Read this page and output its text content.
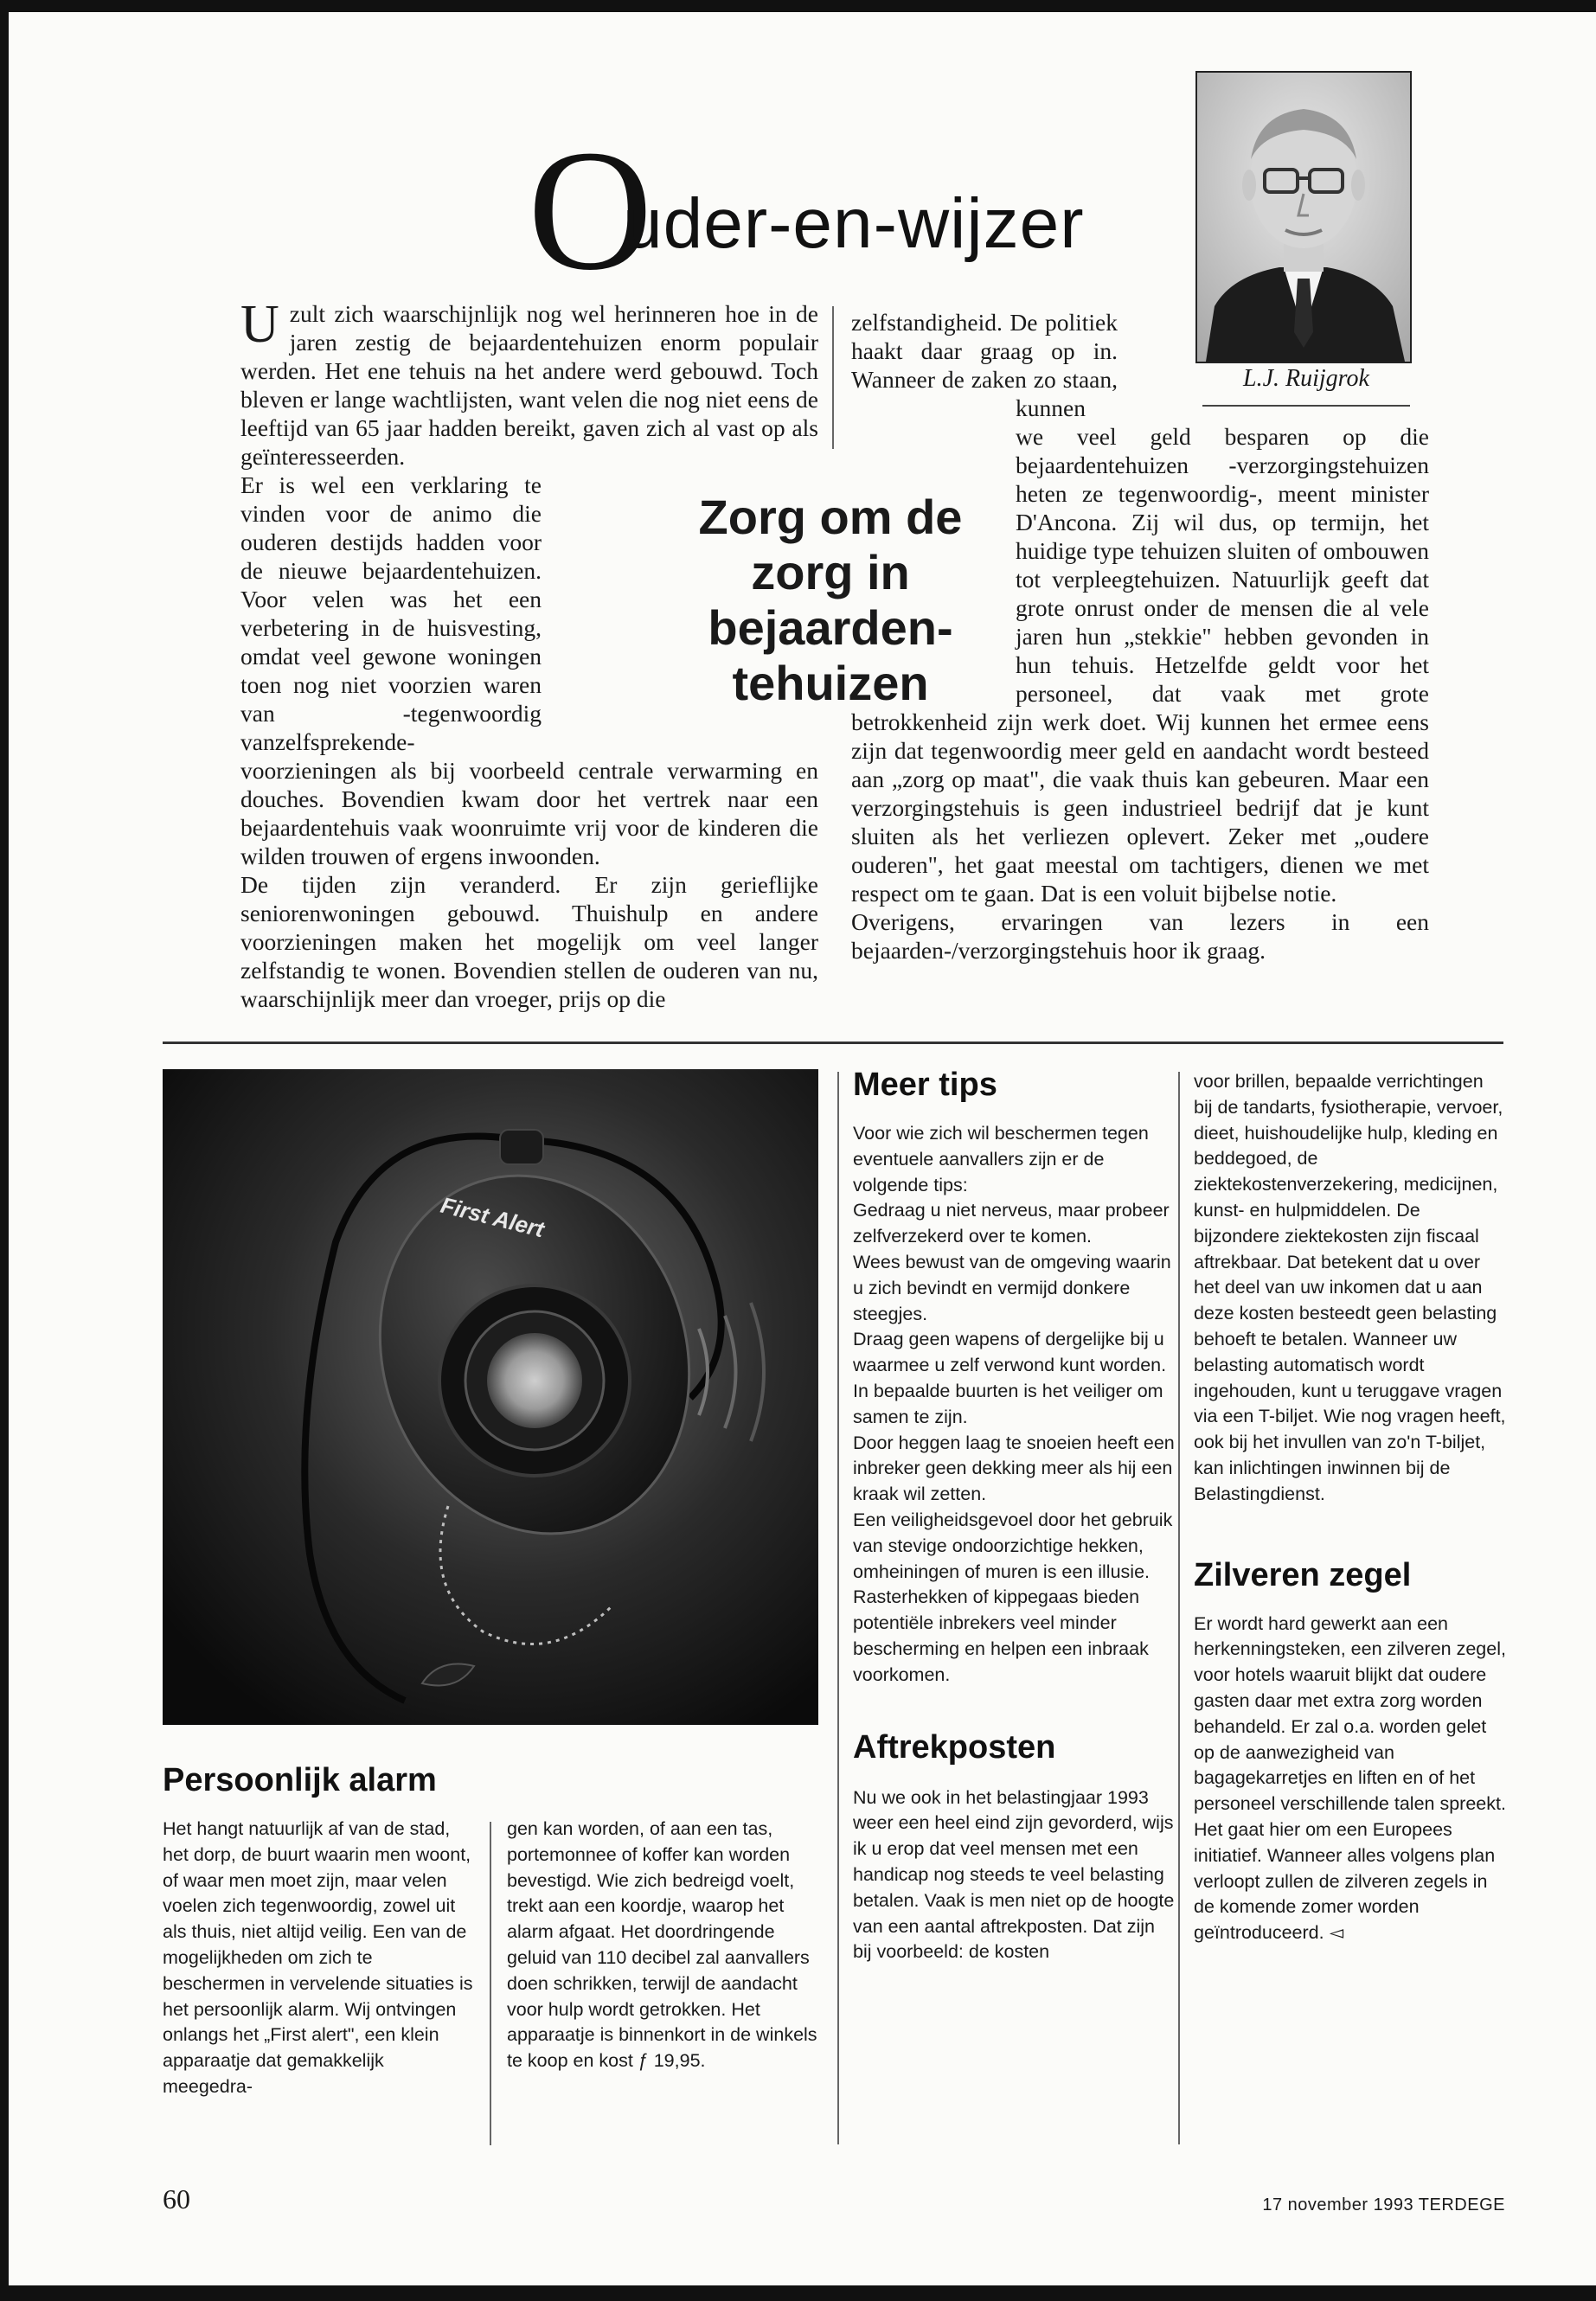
O
uder-en-wijzer
L.J. Ruijgrok
U zult zich waarschijnlijk nog wel herinneren hoe in de jaren zestig de bejaardentehuizen enorm populair werden. Het ene tehuis na het andere werd gebouwd. Toch bleven er lange wachtlijsten, want velen die nog niet eens de leeftijd van 65 jaar hadden bereikt, gaven zich al vast op als geïnteresseerden.

Er is wel een verklaring te vinden voor de animo die ouderen destijds hadden voor de nieuwe bejaardentehuizen. Voor velen was het een verbetering in de huisvesting, omdat veel gewone woningen toen nog niet voorzien waren van -tegenwoordig vanzelfsprekende- voorzieningen als bij voorbeeld centrale verwarming en douches. Bovendien kwam door het vertrek naar een bejaardentehuis vaak woonruimte vrij voor de kinderen die wilden trouwen of ergens inwoonden.

De tijden zijn veranderd. Er zijn gerieflijke seniorenwoningen gebouwd. Thuishulp en andere voorzieningen maken het mogelijk om veel langer zelfstandig te wonen. Bovendien stellen de ouderen van nu, waarschijnlijk meer dan vroeger, prijs op die

zelfstandigheid. De politiek haakt daar graag op in. Wanneer de zaken zo staan, kunnen we veel geld besparen op die bejaardentehuizen -verzorgingstehuizen heten ze tegenwoordig-, meent minister D'Ancona. Zij wil dus, op termijn, het huidige type tehuizen sluiten of ombouwen tot verpleegtehuizen. Natuurlijk geeft dat grote onrust onder de mensen die al vele jaren hun „stekkie" hebben gevonden in hun tehuis. Hetzelfde geldt voor het personeel, dat vaak met grote betrokkenheid zijn werk doet. Wij kunnen het ermee eens zijn dat tegenwoordig meer geld en aandacht wordt besteed aan „zorg op maat", die vaak thuis kan gebeuren. Maar een verzorgingstehuis is geen industrieel bedrijf dat je kunt sluiten als het verliezen oplevert. Zeker met „oudere ouderen", het gaat meestal om tachtigers, dienen we met respect om te gaan. Dat is een voluit bijbelse notie.

Overigens, ervaringen van lezers in een bejaarden-/verzorgingstehuis hoor ik graag.

Zorg om de zorg in bejaarden-tehuizen
First Alert
Persoonlijk alarm

Het hangt natuurlijk af van de stad, het dorp, de buurt waarin men woont, of waar men moet zijn, maar velen voelen zich tegenwoordig, zowel uit als thuis, niet altijd veilig. Een van de mogelijkheden om zich te beschermen in vervelende situaties is het persoonlijk alarm. Wij ontvingen onlangs het „First alert", een klein apparaatje dat gemakkelijk meegedra-

gen kan worden, of aan een tas, portemonnee of koffer kan worden bevestigd. Wie zich bedreigd voelt, trekt aan een koordje, waarop het alarm afgaat. Het doordringende geluid van 110 decibel zal aanvallers doen schrikken, terwijl de aandacht voor hulp wordt getrokken. Het apparaatje is binnenkort in de winkels te koop en kost ƒ 19,95.

Meer tips

Voor wie zich wil beschermen tegen eventuele aanvallers zijn er de volgende tips:

Gedraag u niet nerveus, maar probeer zelfverzekerd over te komen.

Wees bewust van de omgeving waarin u zich bevindt en vermijd donkere steegjes.

Draag geen wapens of dergelijke bij u waarmee u zelf verwond kunt worden.

In bepaalde buurten is het veiliger om samen te zijn.

Door heggen laag te snoeien heeft een inbreker geen dekking meer als hij een kraak wil zetten.

Een veiligheidsgevoel door het gebruik van stevige ondoorzichtige hekken, omheiningen of muren is een illusie. Rasterhekken of kippegaas bieden potentiële inbrekers veel minder bescherming en helpen een inbraak voorkomen.

Aftrekposten

Nu we ook in het belastingjaar 1993 weer een heel eind zijn gevorderd, wijs ik u erop dat veel mensen met een handicap nog steeds te veel belasting betalen. Vaak is men niet op de hoogte van een aantal aftrekposten. Dat zijn bij voorbeeld: de kosten

voor brillen, bepaalde verrichtingen bij de tandarts, fysiotherapie, vervoer, dieet, huishoudelijke hulp, kleding en beddegoed, de ziektekostenverzekering, medicijnen, kunst- en hulpmiddelen. De bijzondere ziektekosten zijn fiscaal aftrekbaar. Dat betekent dat u over het deel van uw inkomen dat u aan deze kosten besteedt geen belasting behoeft te betalen. Wanneer uw belasting automatisch wordt ingehouden, kunt u teruggave vragen via een T-biljet. Wie nog vragen heeft, ook bij het invullen van zo'n T-biljet, kan inlichtingen inwinnen bij de Belastingdienst.

Zilveren zegel

Er wordt hard gewerkt aan een herkenningsteken, een zilveren zegel, voor hotels waaruit blijkt dat oudere gasten daar met extra zorg worden behandeld. Er zal o.a. worden gelet op de aanwezigheid van bagagekarretjes en liften en of het personeel verschillende talen spreekt. Het gaat hier om een Europees initiatief. Wanneer alles volgens plan verloopt zullen de zilveren zegels in de komende zomer worden geïntroduceerd. ◅

60	17 november 1993 TERDEGE
